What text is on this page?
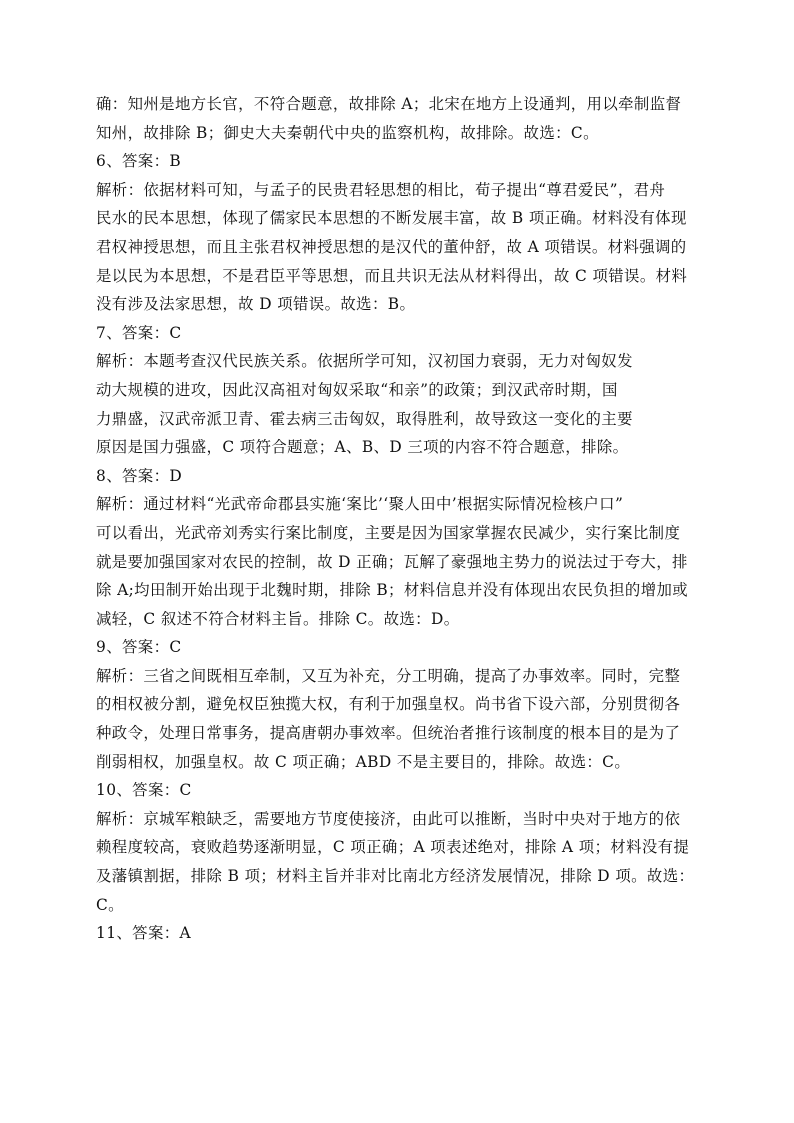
确：知州是地方长官，不符合题意，故排除 A；北宋在地方上设通判，用以牵制监督
知州，故排除 B；御史大夫秦朝代中央的监察机构，故排除。故选：C。
6、答案：B
解析：依据材料可知，与孟子的民贵君轻思想的相比，荀子提出“尊君爱民”，君舟
民水的民本思想，体现了儒家民本思想的不断发展丰富，故 B 项正确。材料没有体现
君权神授思想，而且主张君权神授思想的是汉代的董仲舒，故 A 项错误。材料强调的
是以民为本思想，不是君臣平等思想，而且共识无法从材料得出，故 C 项错误。材料
没有涉及法家思想，故 D 项错误。故选：B。
7、答案：C
解析：本题考查汉代民族关系。依据所学可知，汉初国力衰弱，无力对匈奴发
动大规模的进攻，因此汉高祖对匈奴采取“和亲”的政策；到汉武帝时期，国
力鼎盛，汉武帝派卫青、霍去病三击匈奴，取得胜利，故导致这一变化的主要
原因是国力强盛，C 项符合题意；A、B、D 三项的内容不符合题意，排除。
8、答案：D
解析：通过材料“光武帝命郡县实施‘案比’‘聚人田中’根据实际情况检核户口”
可以看出，光武帝刘秀实行案比制度，主要是因为国家掌握农民减少，实行案比制度
就是要加强国家对农民的控制，故 D 正确；瓦解了豪强地主势力的说法过于夸大，排
除 A;均田制开始出现于北魏时期，排除 B；材料信息并没有体现出农民负担的增加或
减轻，C 叙述不符合材料主旨。排除 C。故选：D。
9、答案：C
解析：三省之间既相互牵制，又互为补充，分工明确，提高了办事效率。同时，完整
的相权被分割，避免权臣独揽大权，有利于加强皇权。尚书省下设六部，分别贯彻各
种政令，处理日常事务，提高唐朝办事效率。但统治者推行该制度的根本目的是为了
削弱相权，加强皇权。故 C 项正确；ABD 不是主要目的，排除。故选：C。
10、答案：C
解析：京城军粮缺乏，需要地方节度使接济，由此可以推断，当时中央对于地方的依
赖程度较高，衰败趋势逐渐明显，C 项正确；A 项表述绝对，排除 A 项；材料没有提
及藩镇割据，排除 B 项；材料主旨并非对比南北方经济发展情况，排除 D 项。故选：
C。
11、答案：A
